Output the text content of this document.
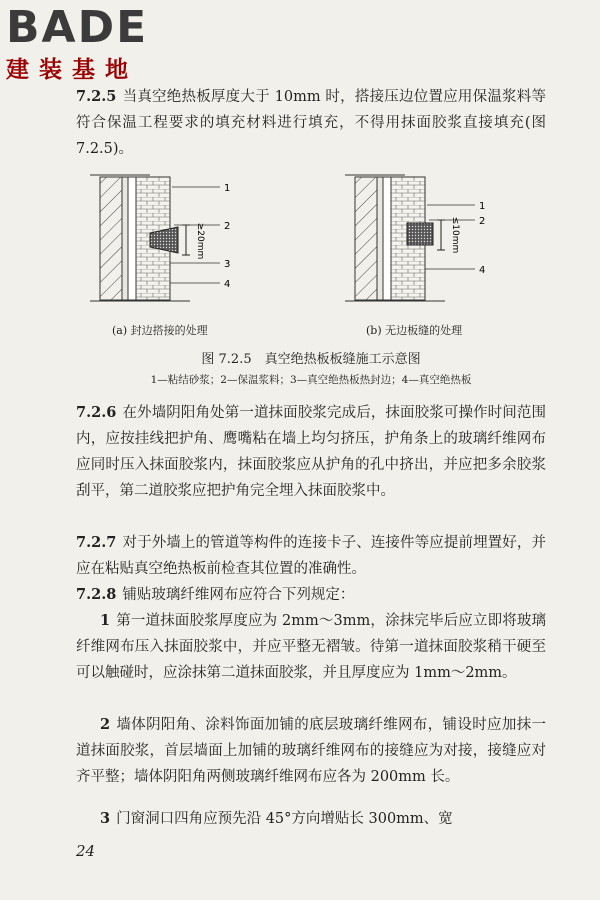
BADE
建装基地
7.2.5 当真空绝热板厚度大于 10mm 时，搭接压边位置应用保温浆料等符合保温工程要求的填充材料进行填充，不得用抹面胶浆直接填充(图 7.2.5)。
≥20mm
1
2
3
4
≤10mm
1
2
4
(a) 封边搭接的处理	(b) 无边板缝的处理
图 7.2.5　真空绝热板板缝施工示意图
1—粘结砂浆；2—保温浆料；3—真空绝热板热封边；4—真空绝热板
7.2.6 在外墙阴阳角处第一道抹面胶浆完成后，抹面胶浆可操作时间范围内，应按挂线把护角、鹰嘴粘在墙上均匀挤压，护角条上的玻璃纤维网布应同时压入抹面胶浆内，抹面胶浆应从护角的孔中挤出，并应把多余胶浆刮平，第二道胶浆应把护角完全埋入抹面胶浆中。
7.2.7 对于外墙上的管道等构件的连接卡子、连接件等应提前埋置好，并应在粘贴真空绝热板前检查其位置的准确性。
7.2.8 铺贴玻璃纤维网布应符合下列规定：
1 第一道抹面胶浆厚度应为 2mm～3mm，涂抹完毕后应立即将玻璃纤维网布压入抹面胶浆中，并应平整无褶皱。待第一道抹面胶浆稍干硬至可以触碰时，应涂抹第二道抹面胶浆，并且厚度应为 1mm～2mm。
2 墙体阴阳角、涂料饰面加铺的底层玻璃纤维网布，铺设时应加抹一道抹面胶浆，首层墙面上加铺的玻璃纤维网布的接缝应为对接，接缝应对齐平整；墙体阴阳角两侧玻璃纤维网布应各为 200mm 长。
3 门窗洞口四角应预先沿 45°方向增贴长 300mm、宽
24
